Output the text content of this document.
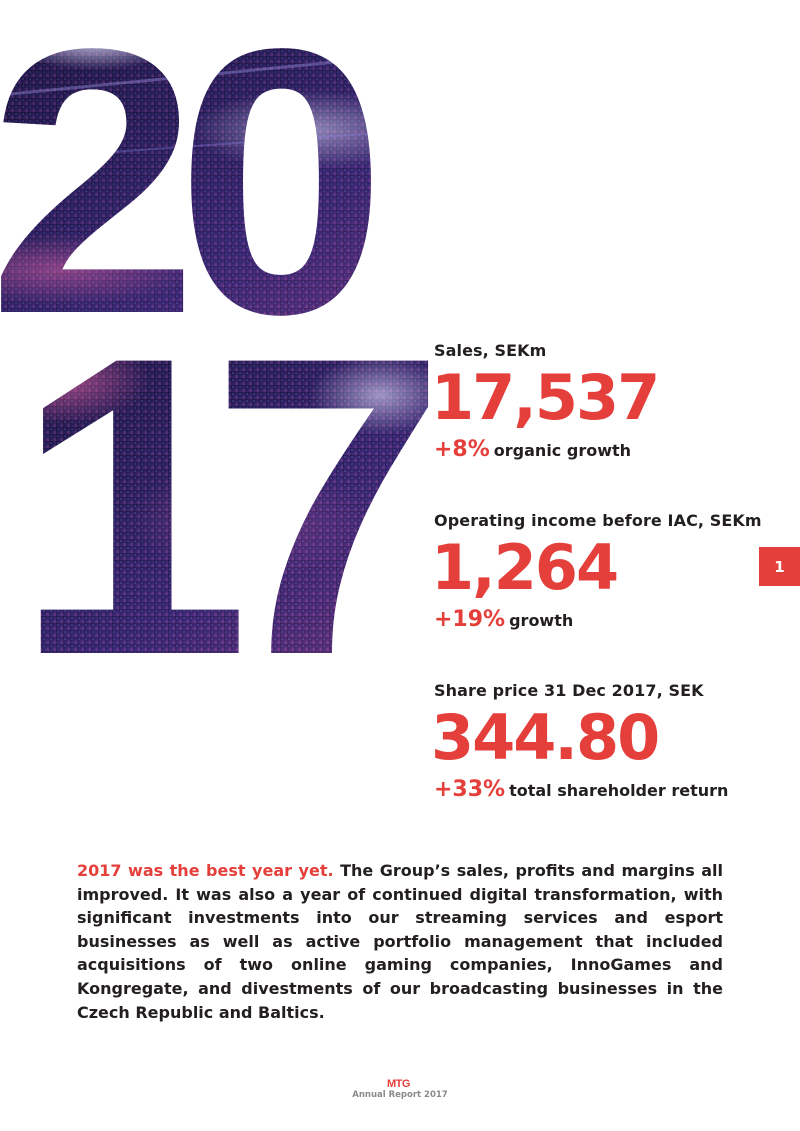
Sales, SEKm
17,537
+8% organic growth
Operating income before IAC, SEKm
1,264
+19% growth
Share price 31 Dec 2017, SEK
344.80
+33% total shareholder return
1

2017 was the best year yet. The Group’s sales, profits and margins all improved. It was also a year of continued digital transformation, with significant investments into our streaming services and esport businesses as well as active portfolio management that included acquisitions of two online gaming companies, InnoGames and Kongregate, and divestments of our broadcasting businesses in the Czech Republic and Baltics.

MTG
Annual Report 2017
